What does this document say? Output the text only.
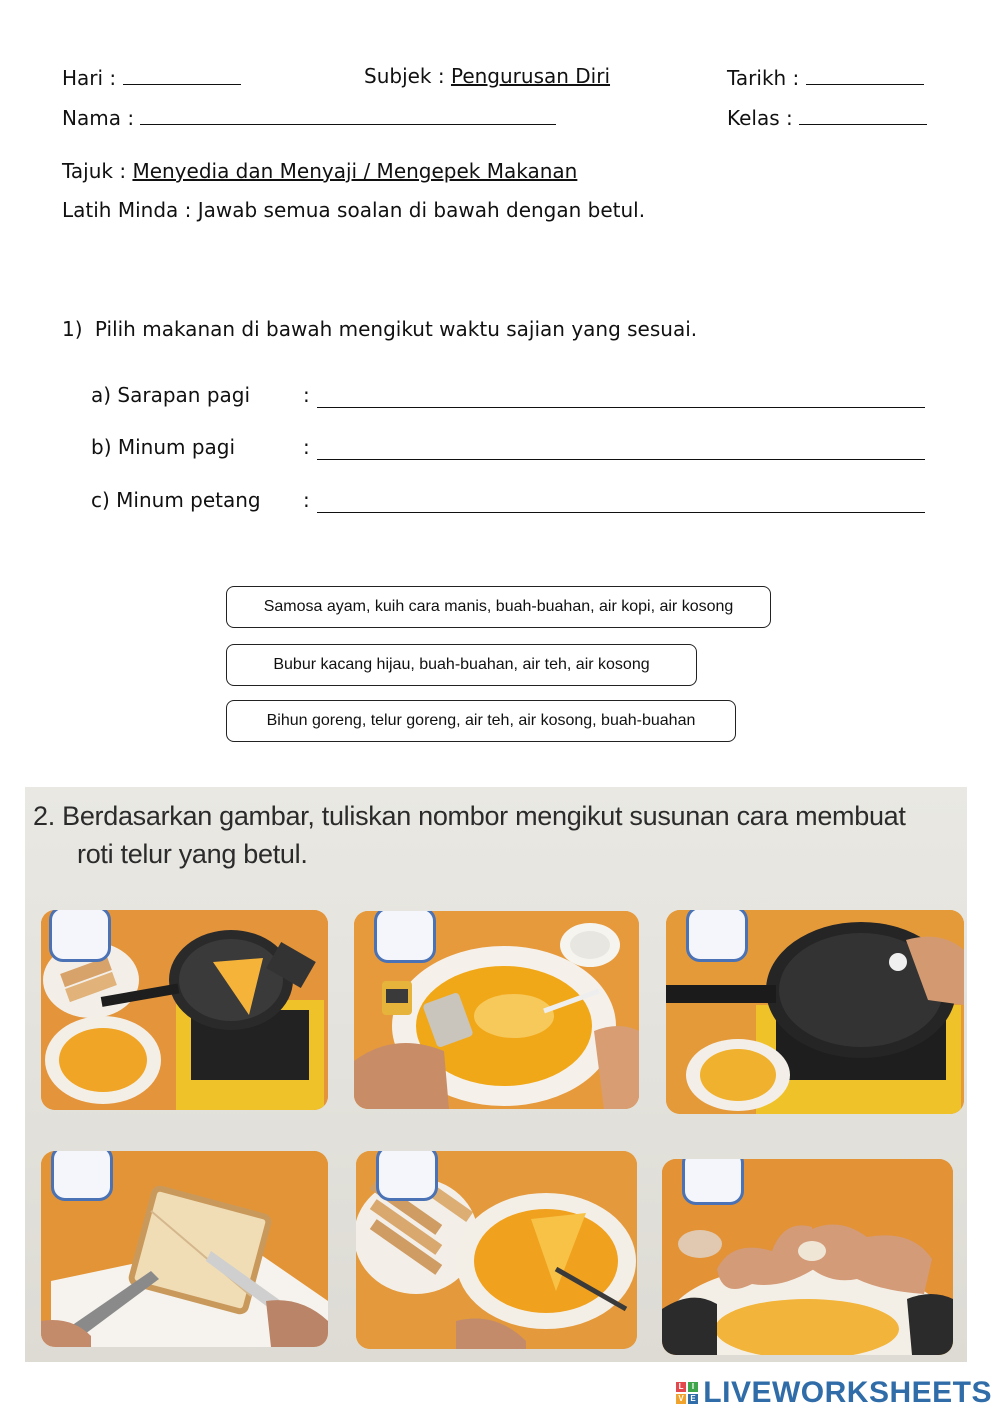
Hari :	Subjek : Pengurusan Diri	Tarikh :
Nama :	Kelas :
Tajuk : Menyedia dan Menyaji / Mengepek Makanan
Latih Minda : Jawab semua soalan di bawah dengan betul.
1) Pilih makanan di bawah mengikut waktu sajian yang sesuai.
a) Sarapan pagi	:
b) Minum pagi	:
c) Minum petang :
Samosa ayam, kuih cara manis, buah-buahan, air kopi, air kosong
Bubur kacang hijau, buah-buahan, air teh, air kosong
Bihun goreng, telur goreng, air teh, air kosong, buah-buahan
2. Berdasarkan gambar, tuliskan nombor mengikut susunan cara membuat
roti telur yang betul.
L I
V E LIVEWORKSHEETS
